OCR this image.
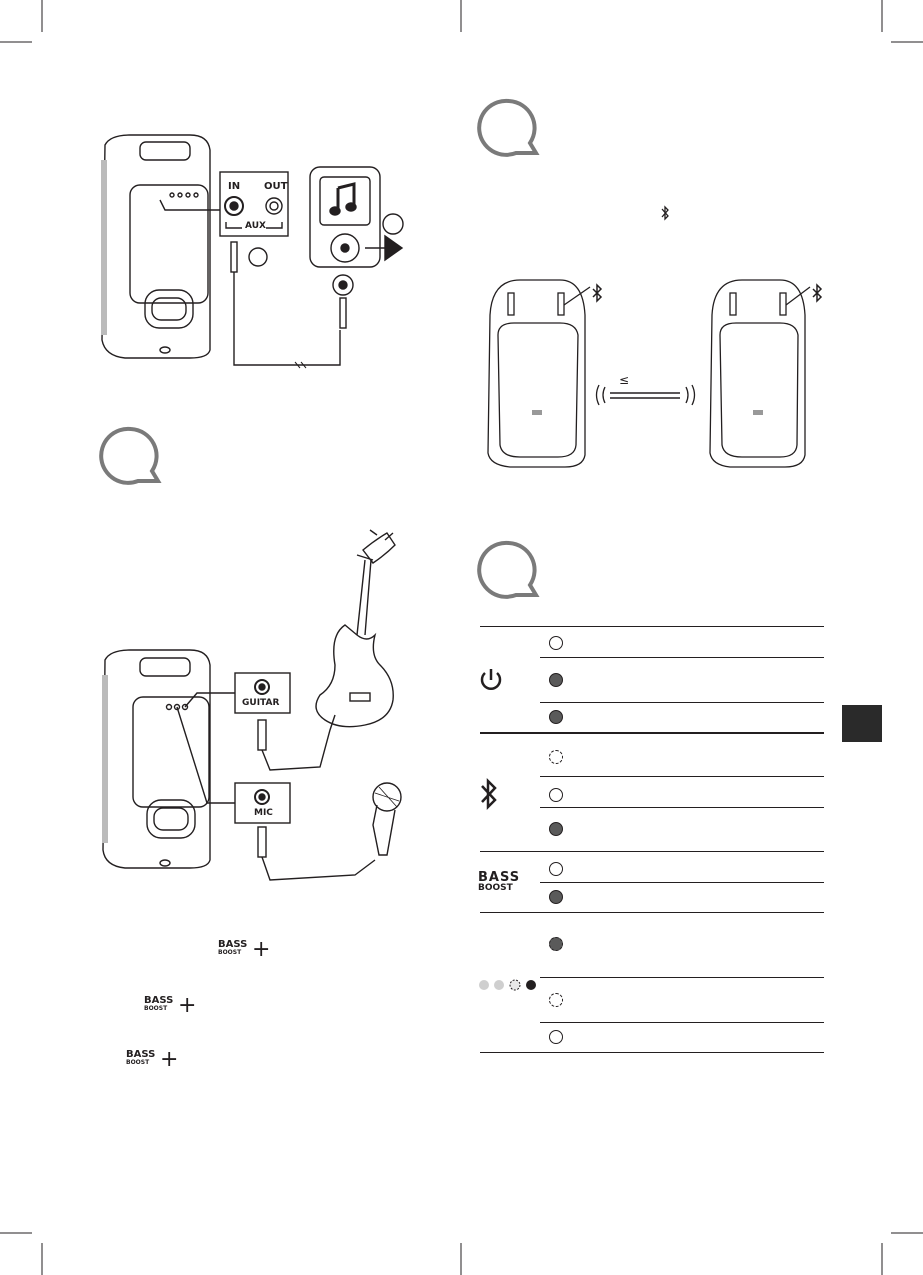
IN OUT
AUX
≤
GUITAR
MIC
BASS
BOOST +
BASS
BOOST +
BASS
BOOST +
BASS
BOOST
